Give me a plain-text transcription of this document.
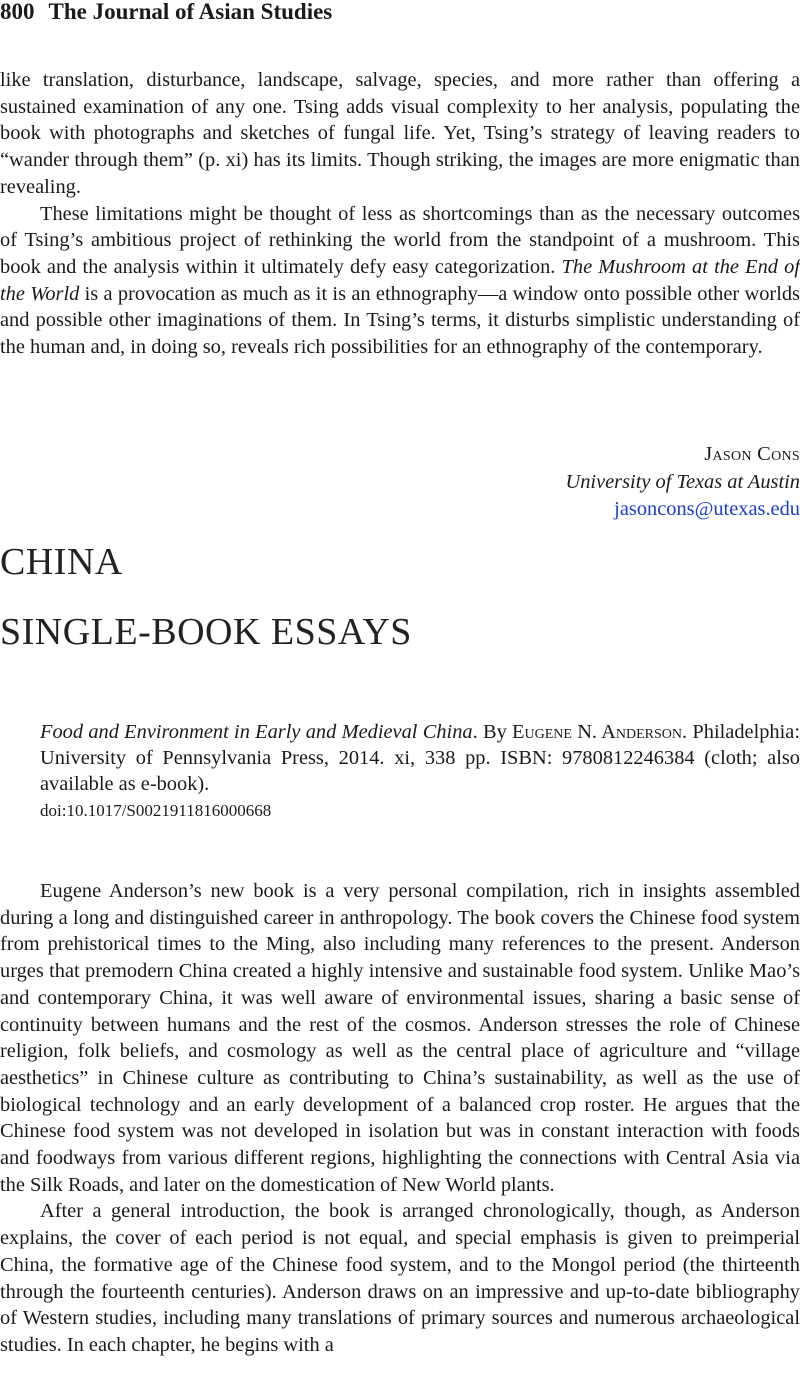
800 The Journal of Asian Studies

like translation, disturbance, landscape, salvage, species, and more rather than offering a sustained examination of any one. Tsing adds visual complexity to her analysis, populating the book with photographs and sketches of fungal life. Yet, Tsing’s strategy of leaving readers to “wander through them” (p. xi) has its limits. Though striking, the images are more enigmatic than revealing.

These limitations might be thought of less as shortcomings than as the necessary outcomes of Tsing’s ambitious project of rethinking the world from the standpoint of a mushroom. This book and the analysis within it ultimately defy easy categorization. The Mushroom at the End of the World is a provocation as much as it is an ethnography—a window onto possible other worlds and possible other imaginations of them. In Tsing’s terms, it disturbs simplistic understanding of the human and, in doing so, reveals rich possibilities for an ethnography of the contemporary.

Jason Cons
University of Texas at Austin
jasoncons@utexas.edu
CHINA
SINGLE-BOOK ESSAYS
Food and Environment in Early and Medieval China. By Eugene N. Anderson. Philadelphia: University of Pennsylvania Press, 2014. xi, 338 pp. ISBN: 9780812246384 (cloth; also available as e-book).
doi:10.1017/S0021911816000668

Eugene Anderson’s new book is a very personal compilation, rich in insights assembled during a long and distinguished career in anthropology. The book covers the Chinese food system from prehistorical times to the Ming, also including many references to the present. Anderson urges that premodern China created a highly intensive and sustainable food system. Unlike Mao’s and contemporary China, it was well aware of environmental issues, sharing a basic sense of continuity between humans and the rest of the cosmos. Anderson stresses the role of Chinese religion, folk beliefs, and cosmology as well as the central place of agriculture and “village aesthetics” in Chinese culture as contributing to China’s sustainability, as well as the use of biological technology and an early development of a balanced crop roster. He argues that the Chinese food system was not developed in isolation but was in constant interaction with foods and foodways from various different regions, highlighting the connections with Central Asia via the Silk Roads, and later on the domestication of New World plants.

After a general introduction, the book is arranged chronologically, though, as Anderson explains, the cover of each period is not equal, and special emphasis is given to preimperial China, the formative age of the Chinese food system, and to the Mongol period (the thirteenth through the fourteenth centuries). Anderson draws on an impressive and up-to-date bibliography of Western studies, including many translations of primary sources and numerous archaeological studies. In each chapter, he begins with a
